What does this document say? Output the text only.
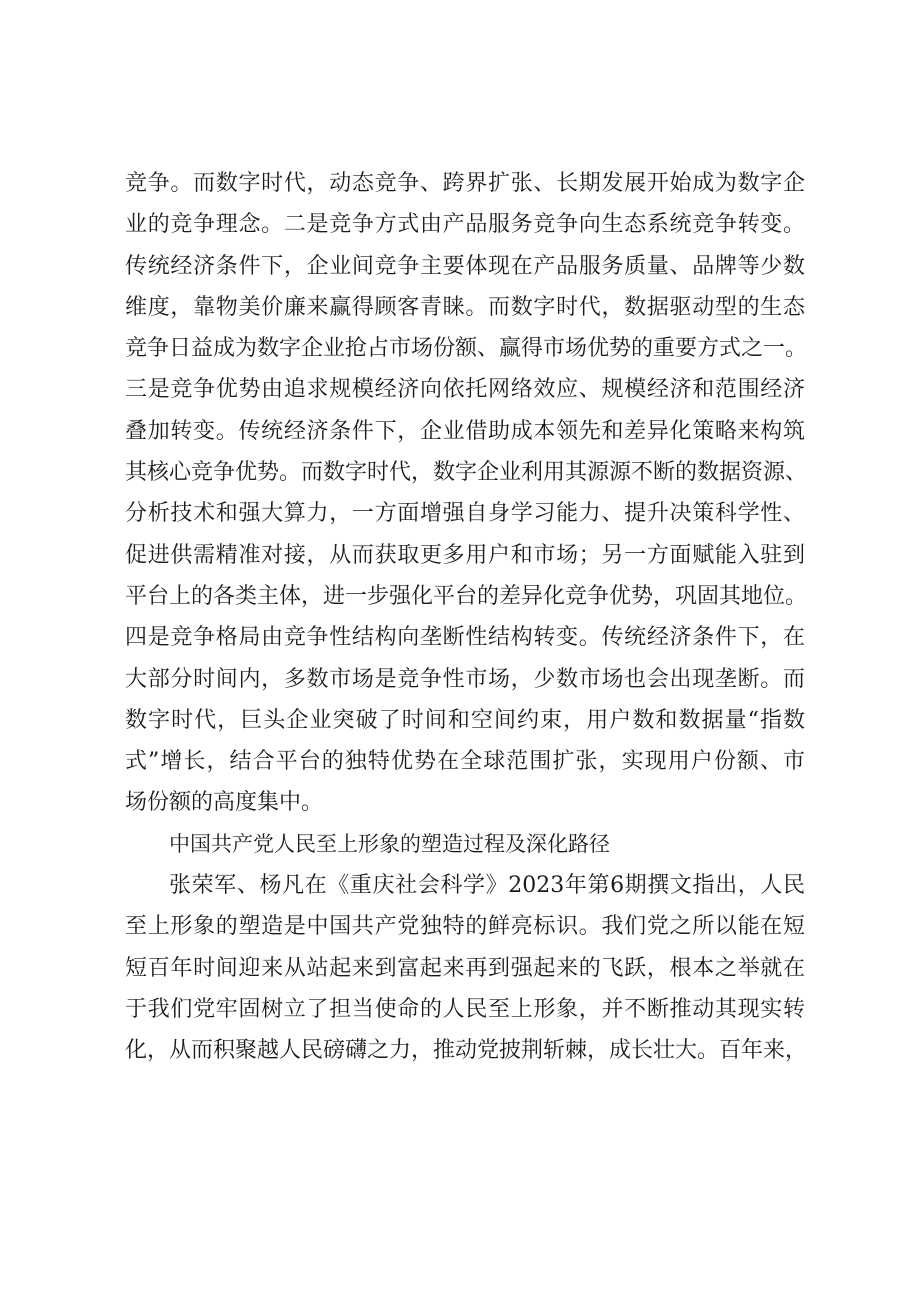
竞争。而数字时代，动态竞争、跨界扩张、长期发展开始成为数字企
业的竞争理念。二是竞争方式由产品服务竞争向生态系统竞争转变。
传统经济条件下，企业间竞争主要体现在产品服务质量、品牌等少数
维度，靠物美价廉来赢得顾客青睐。而数字时代，数据驱动型的生态
竞争日益成为数字企业抢占市场份额、赢得市场优势的重要方式之一。
三是竞争优势由追求规模经济向依托网络效应、规模经济和范围经济
叠加转变。传统经济条件下，企业借助成本领先和差异化策略来构筑
其核心竞争优势。而数字时代，数字企业利用其源源不断的数据资源、
分析技术和强大算力，一方面增强自身学习能力、提升决策科学性、
促进供需精准对接，从而获取更多用户和市场；另一方面赋能入驻到
平台上的各类主体，进一步强化平台的差异化竞争优势，巩固其地位。
四是竞争格局由竞争性结构向垄断性结构转变。传统经济条件下，在
大部分时间内，多数市场是竞争性市场，少数市场也会出现垄断。而
数字时代，巨头企业突破了时间和空间约束，用户数和数据量“指数
式”增长，结合平台的独特优势在全球范围扩张，实现用户份额、市
场份额的高度集中。
中国共产党人民至上形象的塑造过程及深化路径
张荣军、杨凡在《重庆社会科学》2023年第6期撰文指出，人民
至上形象的塑造是中国共产党独特的鲜亮标识。我们党之所以能在短
短百年时间迎来从站起来到富起来再到强起来的飞跃，根本之举就在
于我们党牢固树立了担当使命的人民至上形象，并不断推动其现实转
化，从而积聚越人民磅礴之力，推动党披荆斩棘，成长壮大。百年来，
